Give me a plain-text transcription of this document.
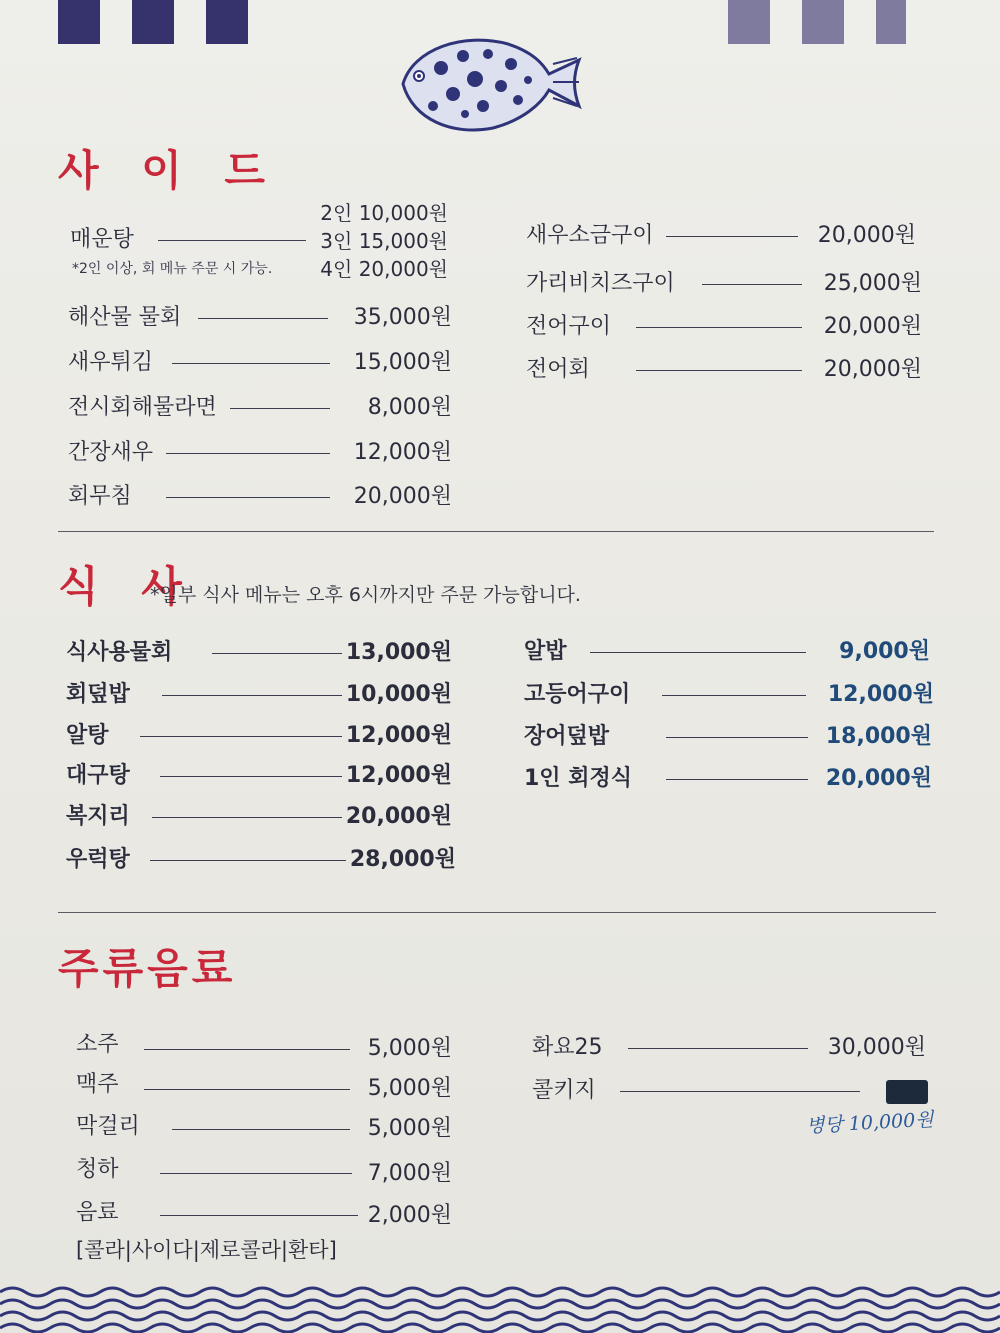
사 이 드
매운탕
*2인 이상, 회 메뉴 주문 시 가능.
2인 10,000원
3인 15,000원
4인 20,000원
해산물 물회	35,000원
새우튀김	15,000원
전시회해물라면	8,000원
간장새우	12,000원
회무침	20,000원
새우소금구이	20,000원
가리비치즈구이	25,000원
전어구이	20,000원
전어회	20,000원
식 사
*일부 식사 메뉴는 오후 6시까지만 주문 가능합니다.
식사용물회	13,000원
회덮밥	10,000원
알탕	12,000원
대구탕	12,000원
복지리	20,000원
우럭탕	28,000원
알밥	9,000원
고등어구이	12,000원
장어덮밥	18,000원
1인 회정식	20,000원
주류음료
소주	5,000원
맥주	5,000원
막걸리	5,000원
청하	7,000원
음료	2,000원
[콜라|사이다|제로콜라|환타]
화요25	30,000원
콜키지
병당 10,000원
